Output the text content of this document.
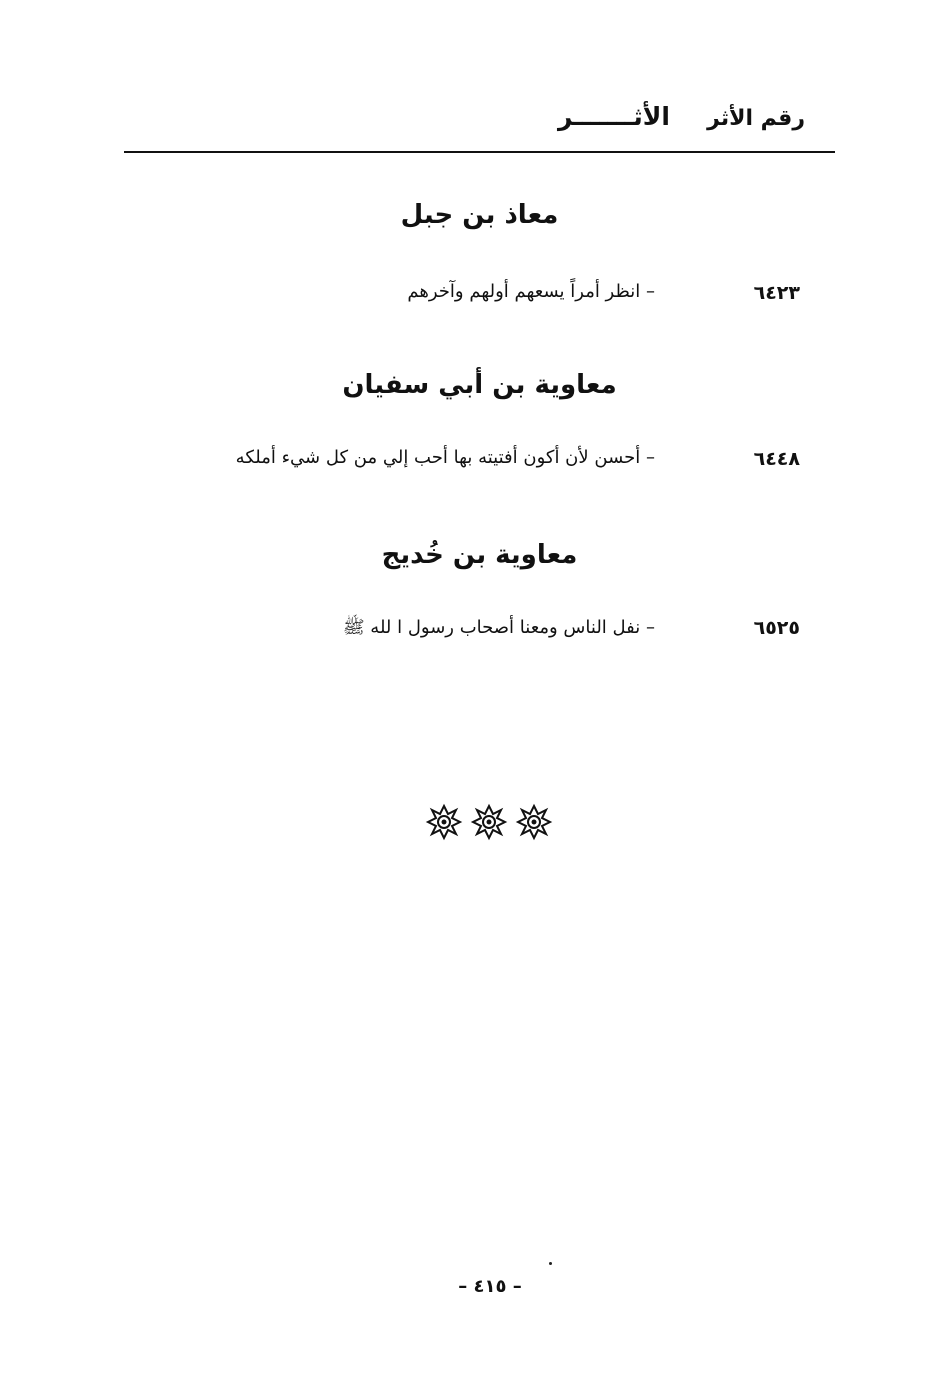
رقم الأثر
الأثـــــــر
معاذ بن جبل
٦٤٢٣
– انظر أمراً يسعهم أولهم وآخرهم
معاوية بن أبي سفيان
٦٤٤٨
– أحسن لأن أكون أفتيته بها أحب إلي من كل شيء أملكه
معاوية بن خُديج
٦٥٢٥
– نفل الناس ومعنا أصحاب رسول ا لله ﷺ
– ٤١٥ –
